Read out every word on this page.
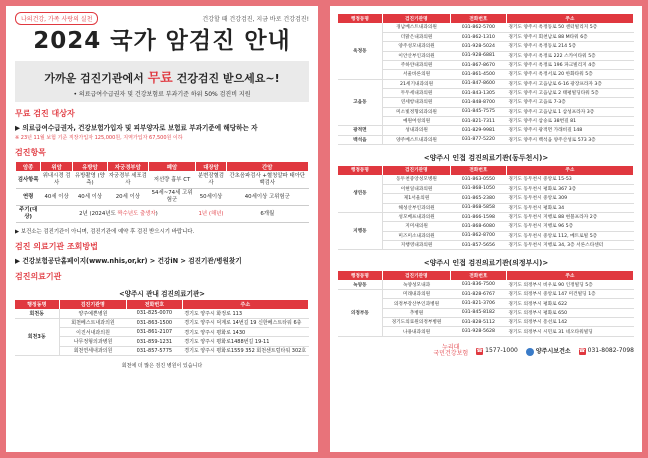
나의건강, 가족 사랑의 실천	건강할 때 건강검진, 지금 바로 건강검진!
2024 국가 암검진 안내
가까운 검진기관에서 무료 건강검진 받으세요~!
• 의료급여수급권자 및 건강보험료 부과기준 하위 50% 검진비 지원
무료 검진 대상자
▶ 의료급여수급권자, 건강보험가입자 및 피부양자로 보험료 부과기준에 해당하는 자
※ 23년 11월 보험 기준 직장가입자 125,000원, 지역가입자 67,500원 이하
검진항목
암종	위암	유방암	자궁경부암	폐암	대장암	간암
검사항목	위내시경 검사	유방촬영 (양측)	자궁경부 세포검사	저선량 흉부 CT	분변잠혈검사	간초음파검사 +혈청알파 태아단백검사
연령	40세 이상	40세 이상	20세 이상	54세~74세 고위험군	50세이상	40세이상 고위험군
주기(대상)	2년 (2024년도 짝수년도 출생자)				1년 (해년)	6개월
▶ 보건소는 검진기관이 아니며, 검진기관에 예약 후 검진 받으시기 바랍니다.
검진 의료기관 조회방법
▶ 건강보험공단홈페이지(www.nhis,or,kr) > 건강iN > 검진기관/병원찾기
검진의료기관
<양주시 관내 검진의료기관>
행정동명	검진기관명	전화번호	주소
회천동	양주예쁜병원	031-825-0070	경기도 양주시 화정로 113
회천3동	회천베스트내과의원	031-863-1500	경기도 양주시 덕계로 14번길 19 신한베스트타워 6층
	이진서내과의원	031-861-2107	경기도 양주시 평화로 1430
	나무정형의과병원	031-859-1231	경기도 양주시 평화로1488번길 19-11
	회천연세내과의원	031-857-5775	경기도 양주시 평화로1559 352 회천센트럴타워 302호
회천에 더 많은 검진 병원이 있습니다
행정동명	검진기관명	전화번호	주소
옥정동	경남베스트내과의원	031-862-5700	경기도 양주시 옥정동로 50 센터빌리지 5층
	더맑은내과의원	031-862-1310	경기도 양주시 회천남로 88 M타워 6층
	양주성모내과의원	031-928-5024	경기도 양주시 옥정동로 214 5층
	이안산부인과의원	031-928-6881	경기도 양주시 옥정로 222 스카이타워 5층
	주하얀내과의원	031-867-8670	경기도 양주시 옥정로 196 파크빌리지 4층
	서울바른의원	031-861-4500	경기도 양주시 옥정서로 20 한화타워 5층
고읍동	21세기내과의원	031-847-8600	경기도 양주시 고읍남로 6-16 광장프라자 3층
	두두세내과의원	031-843-1305	경기도 양주시 고읍남로 2 태평빌딩타워 5층
	연세항내과의원	031-848-8700	경기도 양주시 고읍로 7-3층
	미소빛정형외과의원	031-845-7575	경기도 양주시 고읍남로 1 삼성프라자 3층
	예원여성의원	031-821-7311	경기도 양주시 삼숭로 38번길 81
광적면	성내과의원	031-829-9981	경기도 양주시 광적면 가래비길 148
백석읍	양주베스트내과의원	031-877-5220	경기도 양주시 백석읍 양주산성로 573 3층
<양주시 인접 검진의료기관(동두천시)>
행정동명	검진기관명	전화번호	주소
생연동	동두천중앙성모병원	031-863-0550	경기도 동두천시 중앙로 15-53
	이현일내과의원	031-868-1050	경기도 동두천시 평화로 367 3층
	제1서울의원	031-865-2380	경기도 동두천시 중앙로 309
	해성산부인과의원	031-868-5858	경기도 동두천시 평화로 34
지행동	성모베프내과의원	031-866-1598	경기도 동두천시 지행로 88 현블프라자 2층
	지미새의원	031-868-6080	경기도 동두천시 지행로 96 5층
	미즈미소내과의원	031-862-8700	경기도 동두천시 중앙로 112, 메트로빌 5층
	지행영내과의원	031-857-5656	경기도 동두천시 지행로 34, 3층 서른스타센터
<양주시 인접 검진의료기관(의정부시)>
행정동명	검진기관명	전화번호	주소
녹양동	녹양성모내과	031-836-7500	경기도 의정부시 비우로 90 인정빌딩 5층
의정부동	미래내과의원	031-828-6767	경기도 의정부시 중앙로 147 미건빌딩 1층
	의정부강산부인과병원	031-821-3706	경기도 의정부시 평화로 622
	추병원	031-845-8182	경기도 의정부시 평화로 650
	경기도의료원의정부병원	031-828-5112	경기도 의정부시 흥선로 142
	나용내과의원	031-928-5628	경기도 의정부시 시민로 31 네오타워빌딩
누리대
국민건강보험 ☎ 1577-1000	양주시보건소 ☎ 031-8082-7098
